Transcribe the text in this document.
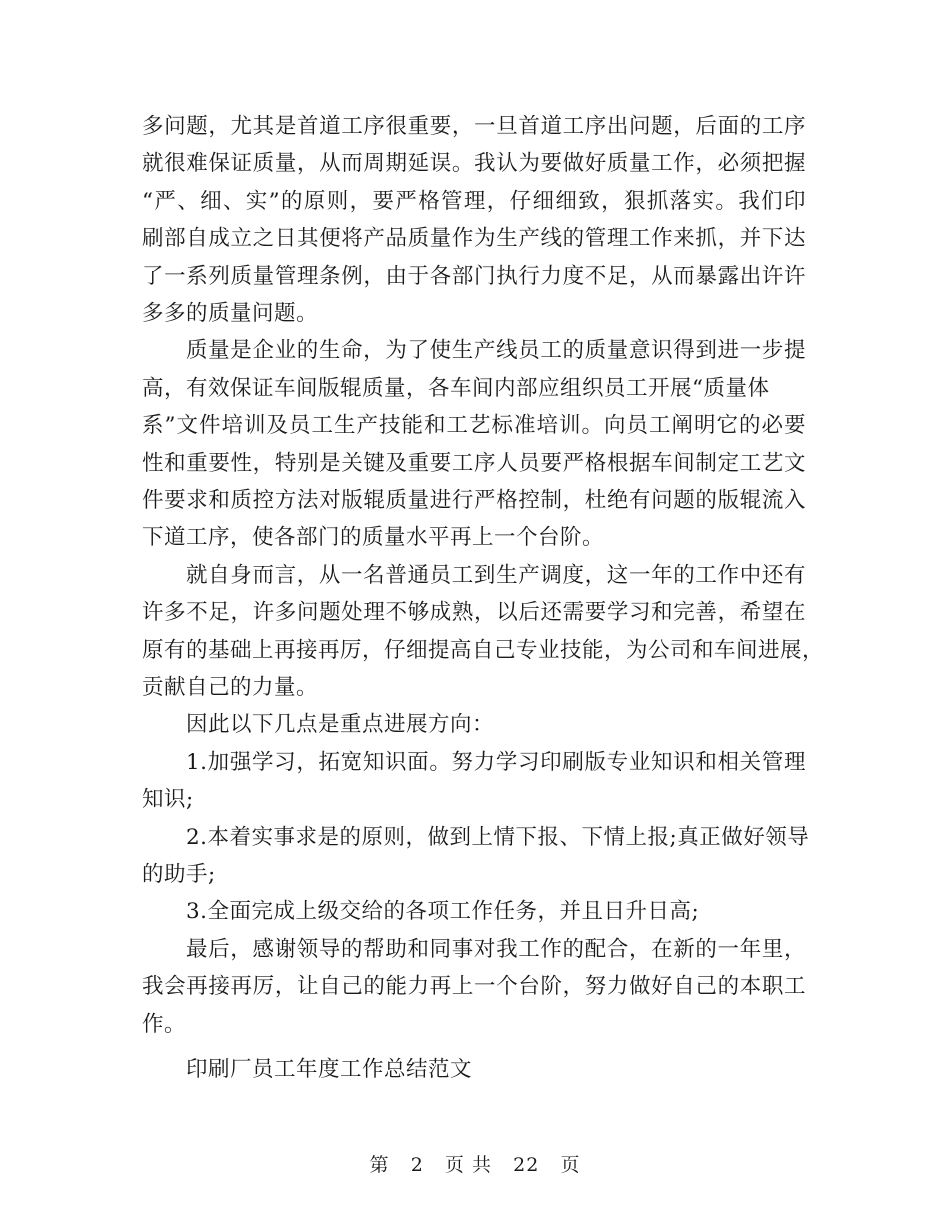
多问题，尤其是首道工序很重要，一旦首道工序出问题，后面的工序
就很难保证质量，从而周期延误。我认为要做好质量工作，必须把握
“严、细、实”的原则，要严格管理，仔细细致，狠抓落实。我们印
刷部自成立之日其便将产品质量作为生产线的管理工作来抓，并下达
了一系列质量管理条例，由于各部门执行力度不足，从而暴露出许许
多多的质量问题。
质量是企业的生命，为了使生产线员工的质量意识得到进一步提
高，有效保证车间版辊质量，各车间内部应组织员工开展“质量体
系”文件培训及员工生产技能和工艺标准培训。向员工阐明它的必要
性和重要性，特别是关键及重要工序人员要严格根据车间制定工艺文
件要求和质控方法对版辊质量进行严格控制，杜绝有问题的版辊流入
下道工序，使各部门的质量水平再上一个台阶。
就自身而言，从一名普通员工到生产调度，这一年的工作中还有
许多不足，许多问题处理不够成熟，以后还需要学习和完善，希望在
原有的基础上再接再厉，仔细提高自己专业技能，为公司和车间进展，
贡献自己的力量。
因此以下几点是重点进展方向：
1.加强学习，拓宽知识面。努力学习印刷版专业知识和相关管理
知识;
2.本着实事求是的原则，做到上情下报、下情上报;真正做好领导
的助手;
3.全面完成上级交给的各项工作任务，并且日升日高;
最后，感谢领导的帮助和同事对我工作的配合，在新的一年里，
我会再接再厉，让自己的能力再上一个台阶，努力做好自己的本职工
作。
印刷厂员工年度工作总结范文
第 2 页 共 22 页
